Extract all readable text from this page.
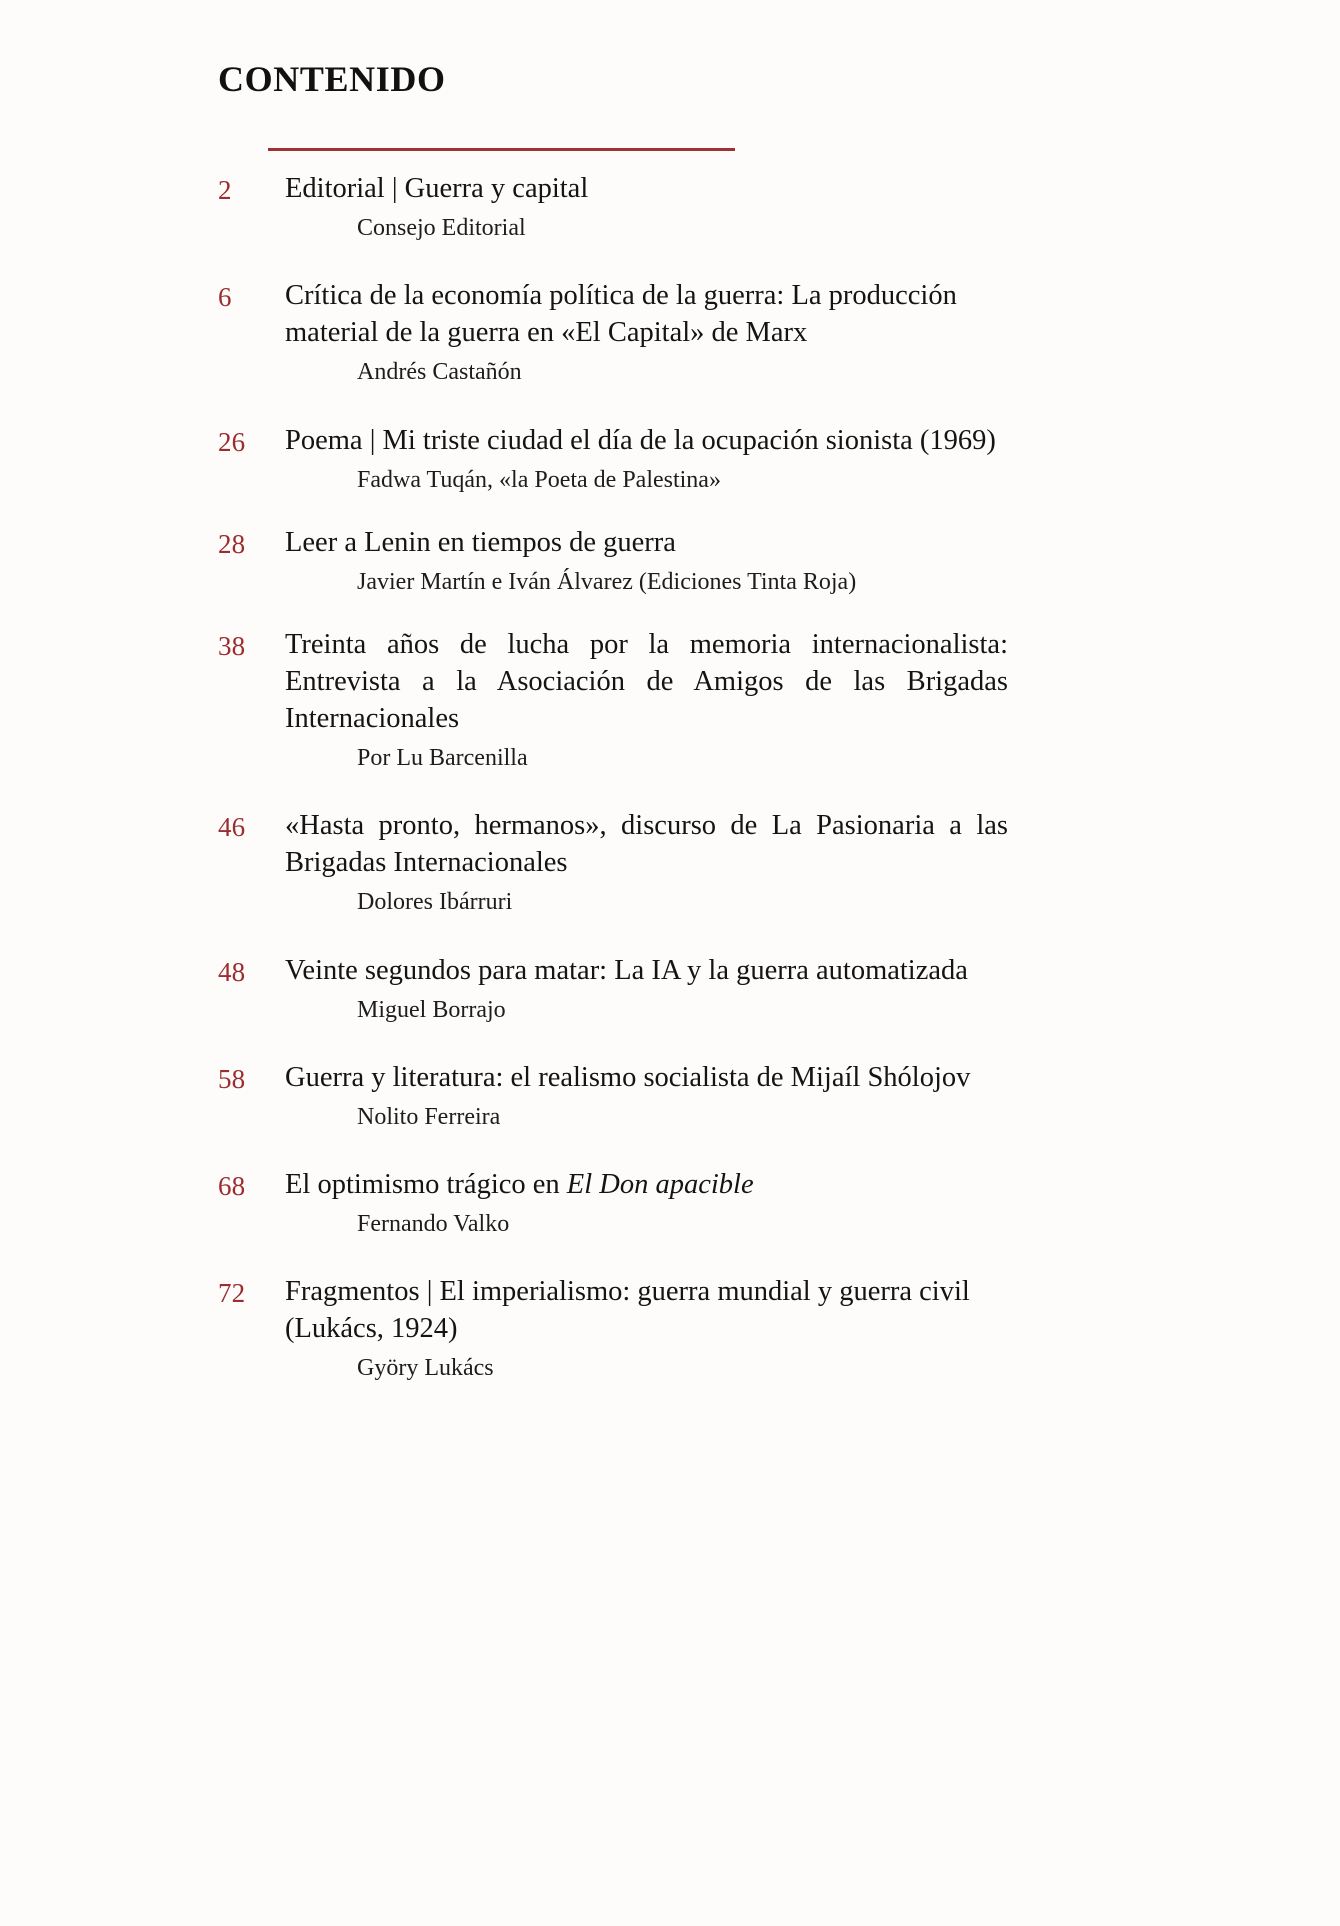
contenido
2	Editorial | Guerra y capital
Consejo Editorial
6	Crítica de la economía política de la guerra: La producción material de la guerra en «El Capital» de Marx
Andrés Castañón
26	Poema | Mi triste ciudad el día de la ocupación sionista (1969)
Fadwa Tuqán, «la Poeta de Palestina»
28	Leer a Lenin en tiempos de guerra
Javier Martín e Iván Álvarez (Ediciones Tinta Roja)
38	Treinta años de lucha por la memoria internacionalista: Entrevista a la Asociación de Amigos de las Brigadas Internacionales
Por Lu Barcenilla
46	«Hasta pronto, hermanos», discurso de La Pasionaria a las Brigadas Internacionales
Dolores Ibárruri
48	Veinte segundos para matar: La IA y la guerra automatizada
Miguel Borrajo
58	Guerra y literatura: el realismo socialista de Mijaíl Shólojov
Nolito Ferreira
68	El optimismo trágico en El Don apacible
Fernando Valko
72	Fragmentos | El imperialismo: guerra mundial y guerra civil (Lukács, 1924)
Györy Lukács
